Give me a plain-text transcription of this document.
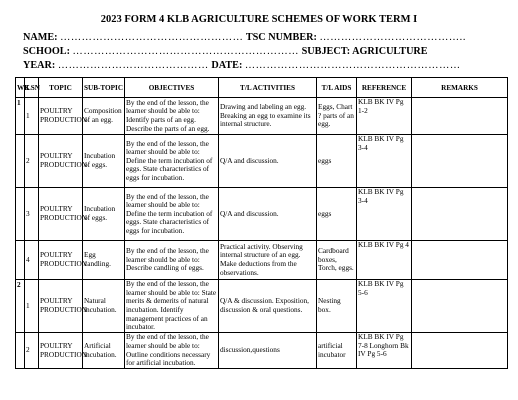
2023 FORM 4 KLB AGRICULTURE SCHEMES OF WORK TERM I
NAME: …………………………………………… TSC NUMBER: …………………………………..
SCHOOL: ……………………………………………………… SUBJECT: AGRICULTURE
YEAR: …………………………………… DATE: ……………………………………………………
WK	LSN	TOPIC	SUB-TOPIC	OBJECTIVES	T/L ACTIVITIES	T/L AIDS	REFERENCE	REMARKS
1	1	POULTRY PRODUCTION	Composition of an egg.	By the end of the lesson, the learner should be able to: Identify parts of an egg. Describe the parts of an egg.	Drawing and labeling an egg. Breaking an egg to examine its internal structure.	Eggs, Chart ? parts of an egg.	KLB BK IV Pg 1-2	
	2	POULTRY PRODUCTION	Incubation of eggs.	By the end of the lesson, the learner should be able to: Define the term incubation of eggs. State characteristics of eggs for incubation.	Q/A and discussion.	eggs	KLB BK IV Pg 3-4	
	3	POULTRY PRODUCTION	Incubation of eggs.	By the end of the lesson, the learner should be able to: Define the term incubation of eggs. State characteristics of eggs for incubation.	Q/A and discussion.	eggs	KLB BK IV Pg 3-4	
	4	POULTRY PRODUCTION	Egg candling.	By the end of the lesson, the learner should be able to: Describe candling of eggs.	Practical activity. Observing internal structure of an egg. Make deductions from the observations.	Cardboard boxes, Torch, eggs.	KLB BK IV Pg 4	
2	1	POULTRY PRODUCTION	Natural incubation.	By the end of the lesson, the learner should be able to: State merits & demerits of natural incubation. Identify management practices of an incubator.	Q/A & discussion. Exposition, discussion & oral questions.	Nesting box.	KLB BK IV Pg 5-6	
	2	POULTRY PRODUCTION	Artificial incubation.	By the end of the lesson, the learner should be able to: Outline conditions necessary for artificial incubation.	discussion,questions	artificial incubator	KLB BK IV Pg 7-8 Longhorn Bk IV Pg 5-6	
